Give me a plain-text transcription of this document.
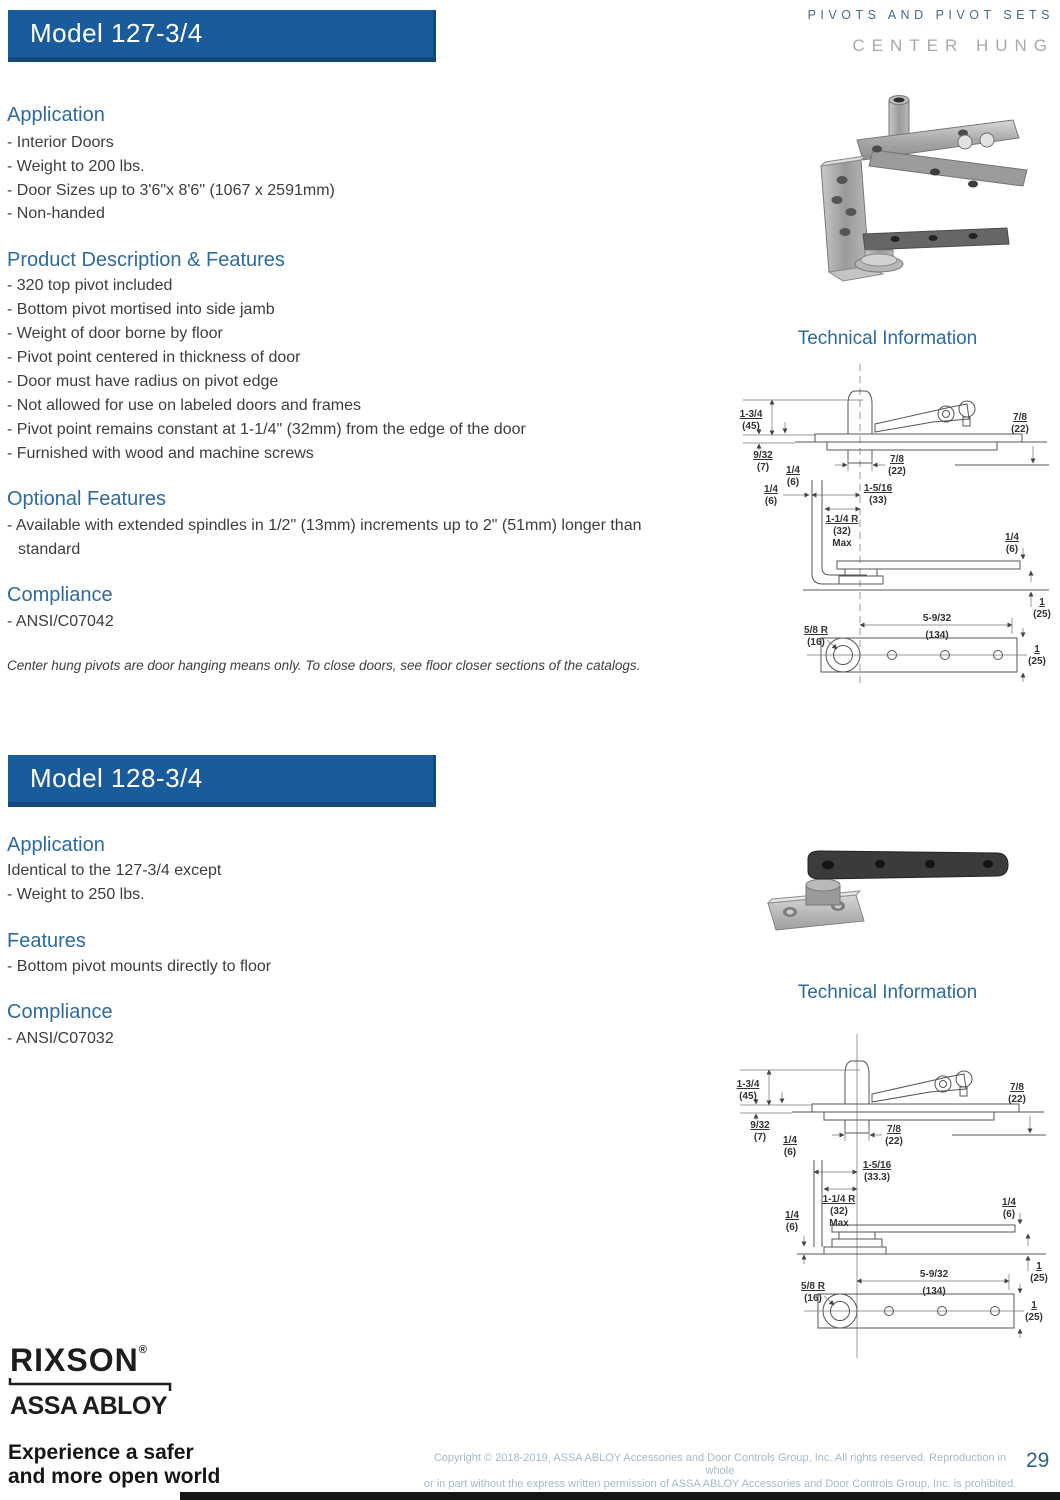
Model 127-3/4
PIVOTS AND PIVOT SETS
CENTER HUNG
Application
- Interior Doors
- Weight to 200 lbs.
- Door Sizes up to 3'6"x 8'6" (1067 x 2591mm)
- Non-handed
Product Description & Features
- 320 top pivot included
- Bottom pivot mortised into side jamb
- Weight of door borne by floor
- Pivot point centered in thickness of door
- Door must have radius on pivot edge
- Not allowed for use on labeled doors and frames
- Pivot point remains constant at 1-1/4" (32mm) from the edge of the door
- Furnished with wood and machine screws
Optional Features
- Available with extended spindles in 1/2" (13mm) increments up to 2" (51mm) longer than standard
Compliance
- ANSI/C07042
Center hung pivots are door hanging means only. To close doors, see floor closer sections of the catalogs.
Technical Information
1-3/4
(45)
9/32
(7) 1/4
(6)
7/8
(22)
7/8
(22)
1-5/16
(33)
1/4
(6)
1-1/4 R
(32)
Max
1/4
(6)
1
(25)
5-9/32
(134)
5/8 R
(16)
1
(25)
Model 128-3/4
Application
Identical to the 127-3/4 except
- Weight to 250 lbs.
Features
- Bottom pivot mounts directly to floor
Compliance
- ANSI/C07032
Technical Information
1-3/4
(45)
9/32
(7) 1/4
(6)
7/8
(22)
7/8
(22)
1-5/16
(33.3)
1/4
(6)
1-1/4 R
(32)
Max
1/4
(6)
1
(25)
5-9/32
(134)
5/8 R
(16)
1
(25)
RIXSON®
ASSA ABLOY
Experience a safer
and more open world
Copyright © 2018-2019, ASSA ABLOY Accessories and Door Controls Group, Inc. All rights reserved. Reproduction in whole
or in part without the express written permission of ASSA ABLOY Accessories and Door Controls Group, Inc. is prohibited.
29
